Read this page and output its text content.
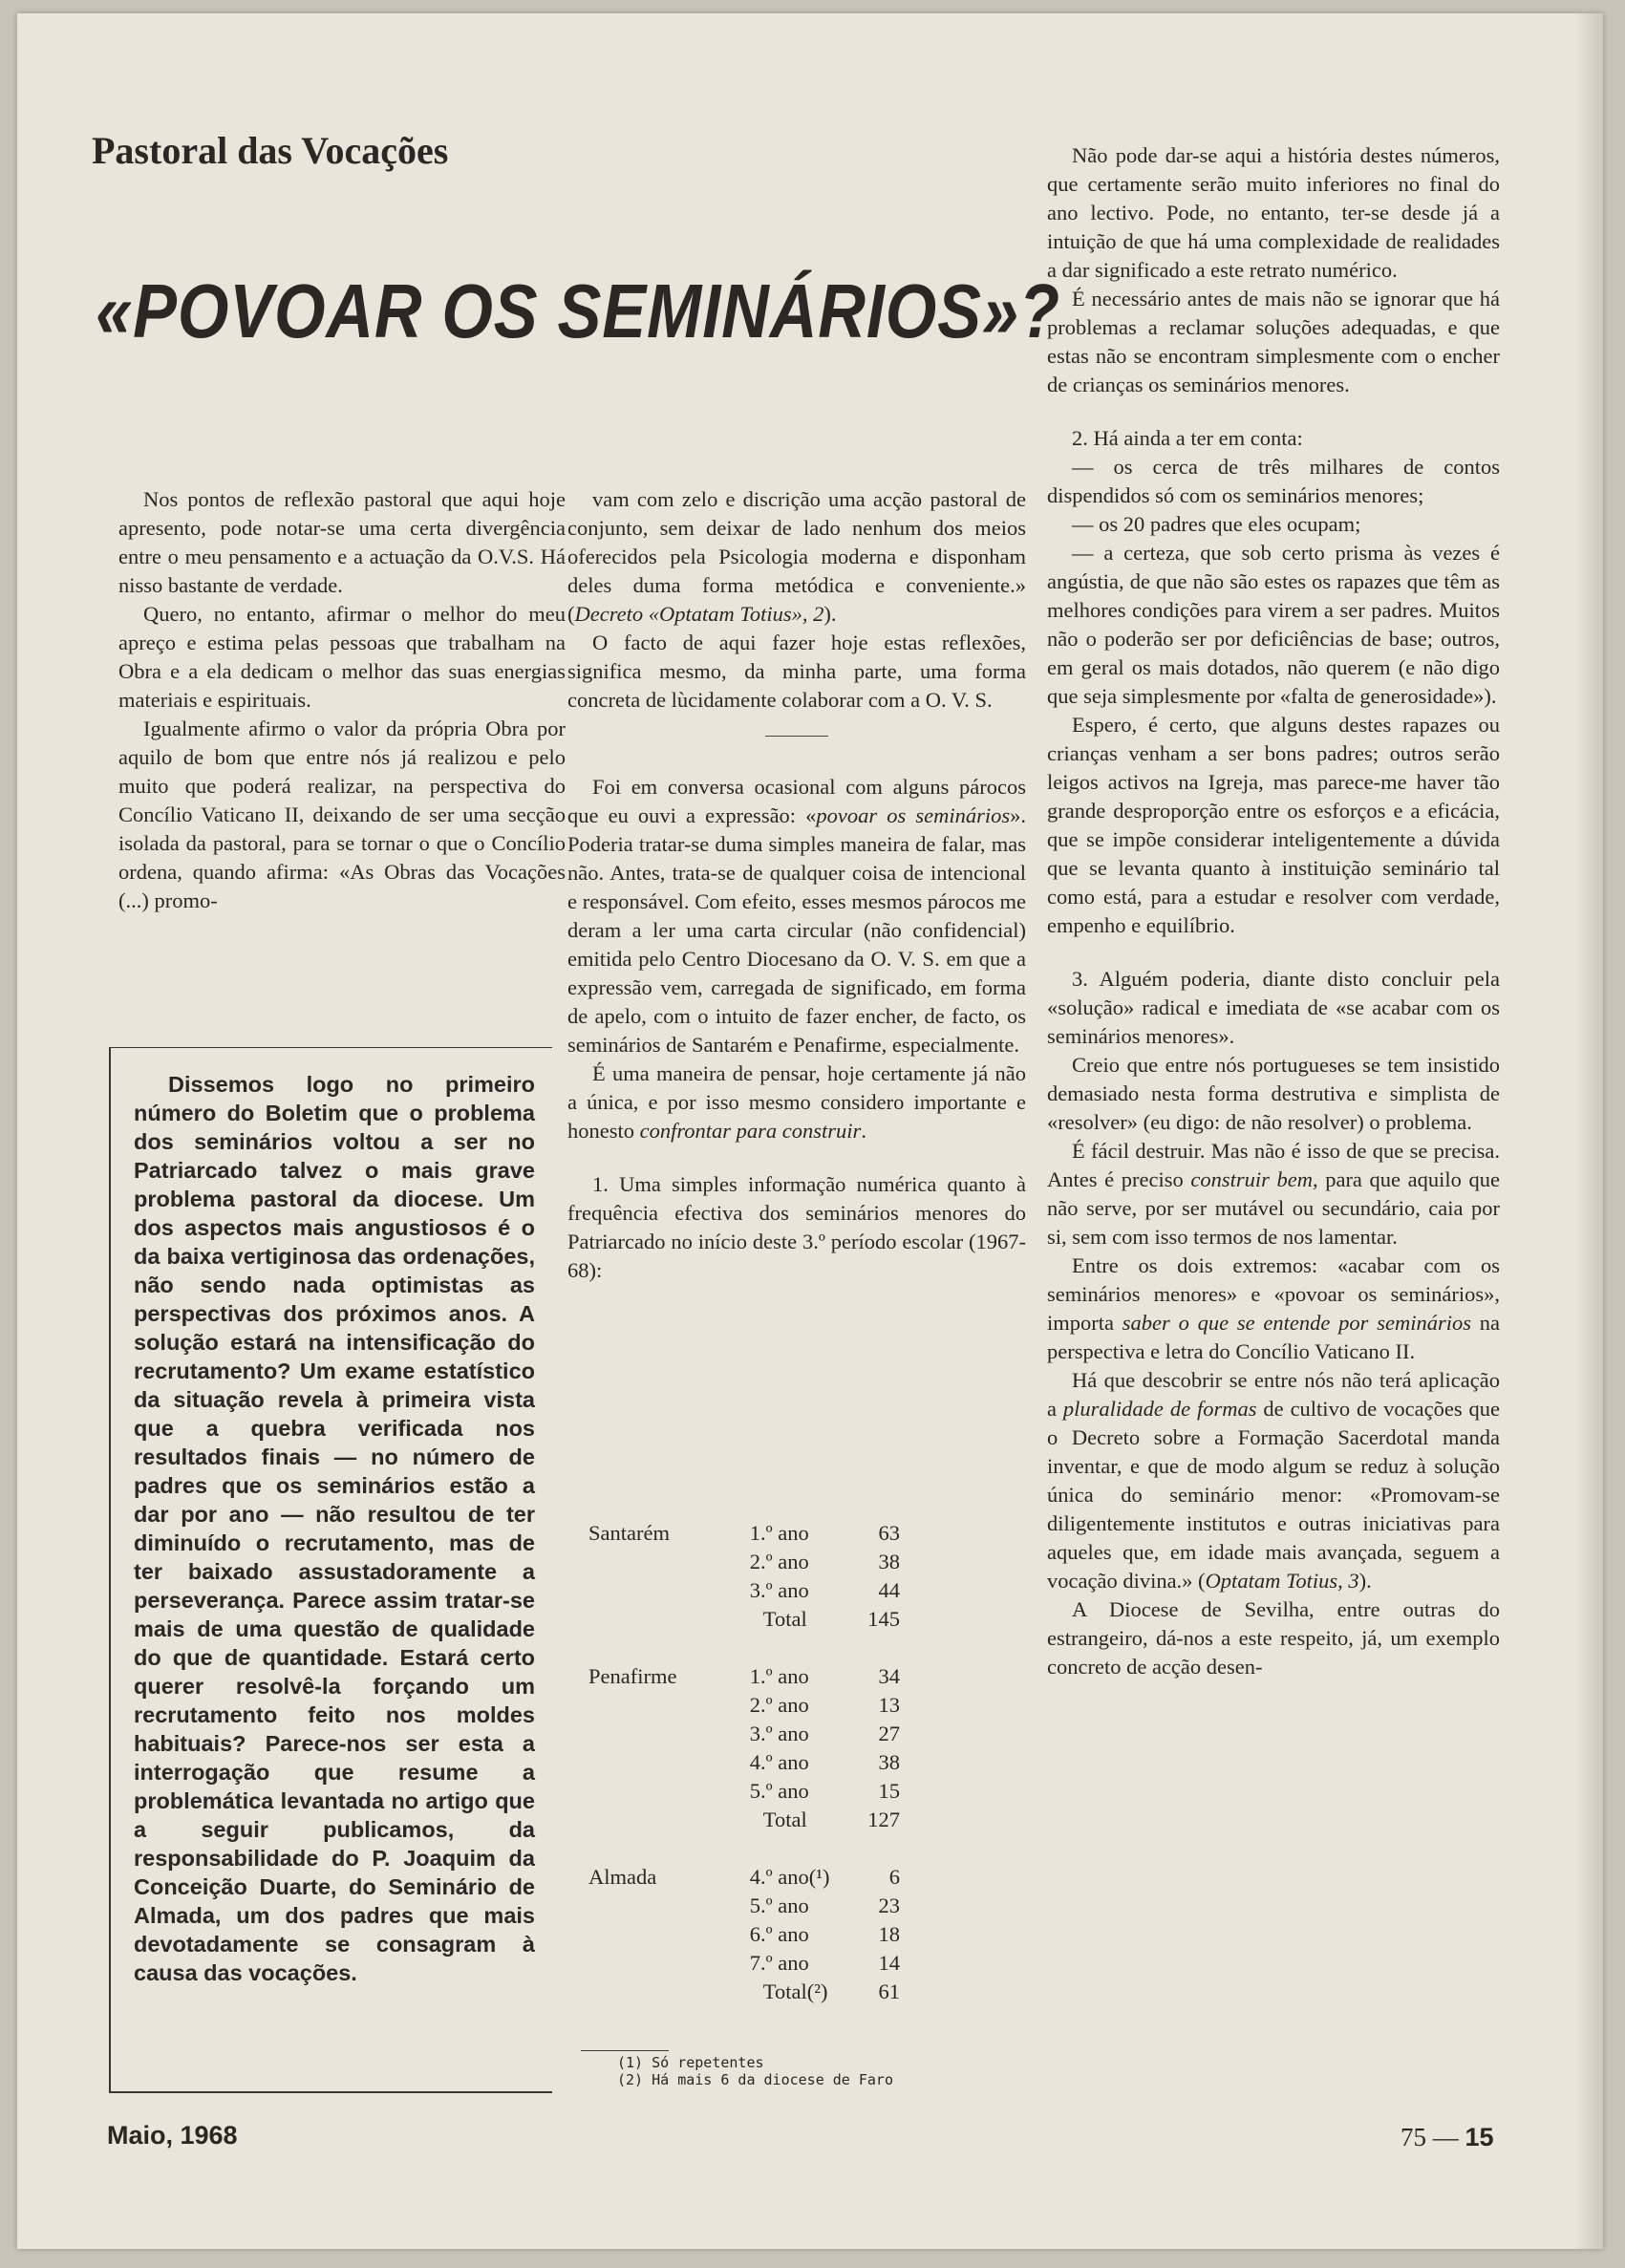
Pastoral das Vocações
«POVOAR OS SEMINÁRIOS»?

Nos pontos de reflexão pastoral que aqui hoje apresento, pode notar-se uma certa divergência entre o meu pensamento e a actuação da O.V.S. Há nisso bastante de verdade.

Quero, no entanto, afirmar o melhor do meu apreço e estima pelas pessoas que trabalham na Obra e a ela dedicam o melhor das suas energias materiais e espirituais.

Igualmente afirmo o valor da própria Obra por aquilo de bom que entre nós já realizou e pelo muito que poderá realizar, na perspectiva do Concílio Vaticano II, deixando de ser uma secção isolada da pastoral, para se tornar o que o Concílio ordena, quando afirma: «As Obras das Vocações (...) promo-

Dissemos logo no primeiro número do Boletim que o problema dos seminários voltou a ser no Patriarcado talvez o mais grave problema pastoral da diocese. Um dos aspectos mais angustiosos é o da baixa vertiginosa das ordenações, não sendo nada optimistas as perspectivas dos próximos anos. A solução estará na intensificação do recrutamento? Um exame estatístico da situação revela à primeira vista que a quebra verificada nos resultados finais — no número de padres que os seminários estão a dar por ano — não resultou de ter diminuído o recrutamento, mas de ter baixado assustadoramente a perseverança. Parece assim tratar-se mais de uma questão de qualidade do que de quantidade. Estará certo querer resolvê-la forçando um recrutamento feito nos moldes habituais? Parece-nos ser esta a interrogação que resume a problemática levantada no artigo que a seguir publicamos, da responsabilidade do P. Joaquim da Conceição Duarte, do Seminário de Almada, um dos padres que mais devotadamente se consagram à causa das vocações.

vam com zelo e discrição uma acção pastoral de conjunto, sem deixar de lado nenhum dos meios oferecidos pela Psicologia moderna e disponham deles duma forma metódica e conveniente.» (Decreto «Optatam Totius», 2).

O facto de aqui fazer hoje estas reflexões, significa mesmo, da minha parte, uma forma concreta de lùcidamente colaborar com a O. V. S.

Foi em conversa ocasional com alguns párocos que eu ouvi a expressão: «povoar os seminários». Poderia tratar-se duma simples maneira de falar, mas não. Antes, trata-se de qualquer coisa de intencional e responsável. Com efeito, esses mesmos párocos me deram a ler uma carta circular (não confidencial) emitida pelo Centro Diocesano da O. V. S. em que a expressão vem, carregada de significado, em forma de apelo, com o intuito de fazer encher, de facto, os seminários de Santarém e Penafirme, especialmente.

É uma maneira de pensar, hoje certamente já não a única, e por isso mesmo considero importante e honesto confrontar para construir.

1. Uma simples informação numérica quanto à frequência efectiva dos seminários menores do Patriarcado no início deste 3.º período escolar (1967-68):

Santarém	1.º ano	63
	2.º ano	38
	3.º ano	44
	Total	145

Penafirme	1.º ano	34
	2.º ano	13
	3.º ano	27
	4.º ano	38
	5.º ano	15
	Total	127

Almada	4.º ano(¹)	6
	5.º ano	23
	6.º ano	18
	7.º ano	14
	Total(²)	61
(1) Só repetentes
(2) Há mais 6 da diocese de Faro

Não pode dar-se aqui a história destes números, que certamente serão muito inferiores no final do ano lectivo. Pode, no entanto, ter-se desde já a intuição de que há uma complexidade de realidades a dar significado a este retrato numérico.

É necessário antes de mais não se ignorar que há problemas a reclamar soluções adequadas, e que estas não se encontram simplesmente com o encher de crianças os seminários menores.

2. Há ainda a ter em conta:

— os cerca de três milhares de contos dispendidos só com os seminários menores;

— os 20 padres que eles ocupam;

— a certeza, que sob certo prisma às vezes é angústia, de que não são estes os rapazes que têm as melhores condições para virem a ser padres. Muitos não o poderão ser por deficiências de base; outros, em geral os mais dotados, não querem (e não digo que seja simplesmente por «falta de generosidade»).

Espero, é certo, que alguns destes rapazes ou crianças venham a ser bons padres; outros serão leigos activos na Igreja, mas parece-me haver tão grande desproporção entre os esforços e a eficácia, que se impõe considerar inteligentemente a dúvida que se levanta quanto à instituição seminário tal como está, para a estudar e resolver com verdade, empenho e equilíbrio.

3. Alguém poderia, diante disto concluir pela «solução» radical e imediata de «se acabar com os seminários menores».

Creio que entre nós portugueses se tem insistido demasiado nesta forma destrutiva e simplista de «resolver» (eu digo: de não resolver) o problema.

É fácil destruir. Mas não é isso de que se precisa. Antes é preciso construir bem, para que aquilo que não serve, por ser mutável ou secundário, caia por si, sem com isso termos de nos lamentar.

Entre os dois extremos: «acabar com os seminários menores» e «povoar os seminários», importa saber o que se entende por seminários na perspectiva e letra do Concílio Vaticano II.

Há que descobrir se entre nós não terá aplicação a pluralidade de formas de cultivo de vocações que o Decreto sobre a Formação Sacerdotal manda inventar, e que de modo algum se reduz à solução única do seminário menor: «Promovam-se diligentemente institutos e outras iniciativas para aqueles que, em idade mais avançada, seguem a vocação divina.» (Optatam Totius, 3).

A Diocese de Sevilha, entre outras do estrangeiro, dá-nos a este respeito, já, um exemplo concreto de acção desen-

Maio, 1968	75 — 15
